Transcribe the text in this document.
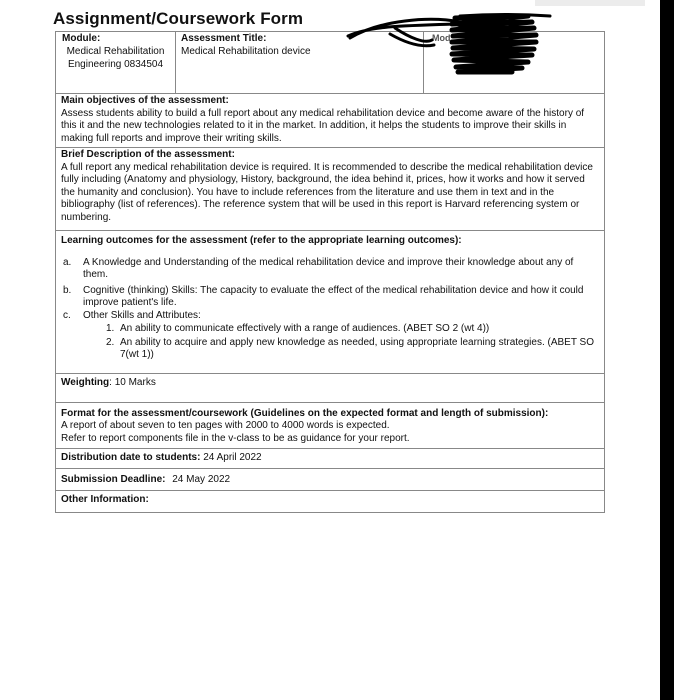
Assignment/Coursework Form
Module:
Medical Rehabilitation Engineering 0834504
Assessment Title:
Medical Rehabilitation device
Mod
Main objectives of the assessment:
Assess students ability to build a full report about any medical rehabilitation device and become aware of the history of this it and the new technologies related to it in the market. In addition, it helps the students to improve their skills in making full reports and improve their writing skills.
Brief Description of the assessment:
A full report any medical rehabilitation device is required. It is recommended to describe the medical rehabilitation device fully including (Anatomy and physiology, History, background, the idea behind it, prices, how it works and how it served the humanity and conclusion). You have to include references from the literature and use them in text and in the bibliography (list of references). The reference system that will be used in this report is Harvard referencing system or numbering.
Learning outcomes for the assessment (refer to the appropriate learning outcomes):
a.	A Knowledge and Understanding of the medical rehabilitation device and improve their knowledge about any of them.
b.	Cognitive (thinking) Skills: The capacity to evaluate the effect of the medical rehabilitation device and how it could improve patient's life.
c.	Other Skills and Attributes:
1. An ability to communicate effectively with a range of audiences. (ABET SO 2 (wt 4))
2. An ability to acquire and apply new knowledge as needed, using appropriate learning strategies. (ABET SO 7(wt 1))
Weighting: 10 Marks
Format for the assessment/coursework (Guidelines on the expected format and length of submission):
A report of about seven to ten pages with 2000 to 4000 words is expected.
Refer to report components file in the v-class to be as guidance for your report.
Distribution date to students: 24 April 2022
Submission Deadline: 24 May 2022
Other Information:
